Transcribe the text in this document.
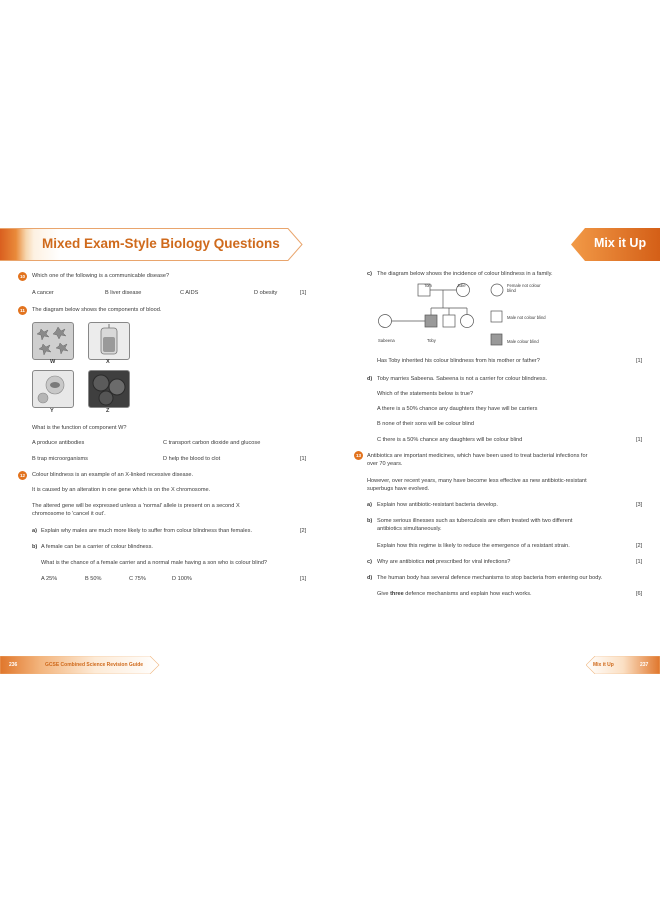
Mixed Exam-Style Biology Questions	Mix it Up
10	Which one of the following is a communicable disease?
A cancer	B liver disease	C AIDS	D obesity	[1]
11	The diagram below shows the components of blood.
W	X
Y	Z
What is the function of component W?
A produce antibodies	C transport carbon dioxide and glucose
B trap microorganisms	D help the blood to clot	[1]
12	Colour blindness is an example of an X-linked recessive disease.
It is caused by an alteration in one gene which is on the X chromosome.
The altered gene will be expressed unless a 'normal' allele is present on a second X
chromosome to 'cancel it out'.
a) Explain why males are much more likely to suffer from colour blindness than females.	[2]
b) A female can be a carrier of colour blindness.
What is the chance of a female carrier and a normal male having a son who is colour blind?
A 25%	B 50%	C 75%	D 100%	[1]
c) The diagram below shows the incidence of colour blindness in a family.
Tom	Julie
Sabeena	Toby
Female not colour blind
Male not colour blind
Male colour blind
Has Toby inherited his colour blindness from his mother or father?	[1]
d) Toby marries Sabeena. Sabeena is not a carrier for colour blindness.
Which of the statements below is true?
A there is a 50% chance any daughters they have will be carriers
B none of their sons will be colour blind
C there is a 50% chance any daughters will be colour blind	[1]
13	Antibiotics are important medicines, which have been used to treat bacterial infections for
over 70 years.
However, over recent years, many have become less effective as new antibiotic-resistant
superbugs have evolved.
a) Explain how antibiotic-resistant bacteria develop.	[3]
b) Some serious illnesses such as tuberculosis are often treated with two different
antibiotics simultaneously.
Explain how this regime is likely to reduce the emergence of a resistant strain.	[2]
c) Why are antibiotics not prescribed for viral infections?	[1]
d) The human body has several defence mechanisms to stop bacteria from entering our body.
Give three defence mechanisms and explain how each works.	[6]
236	GCSE Combined Science Revision Guide	Mix it Up	237
